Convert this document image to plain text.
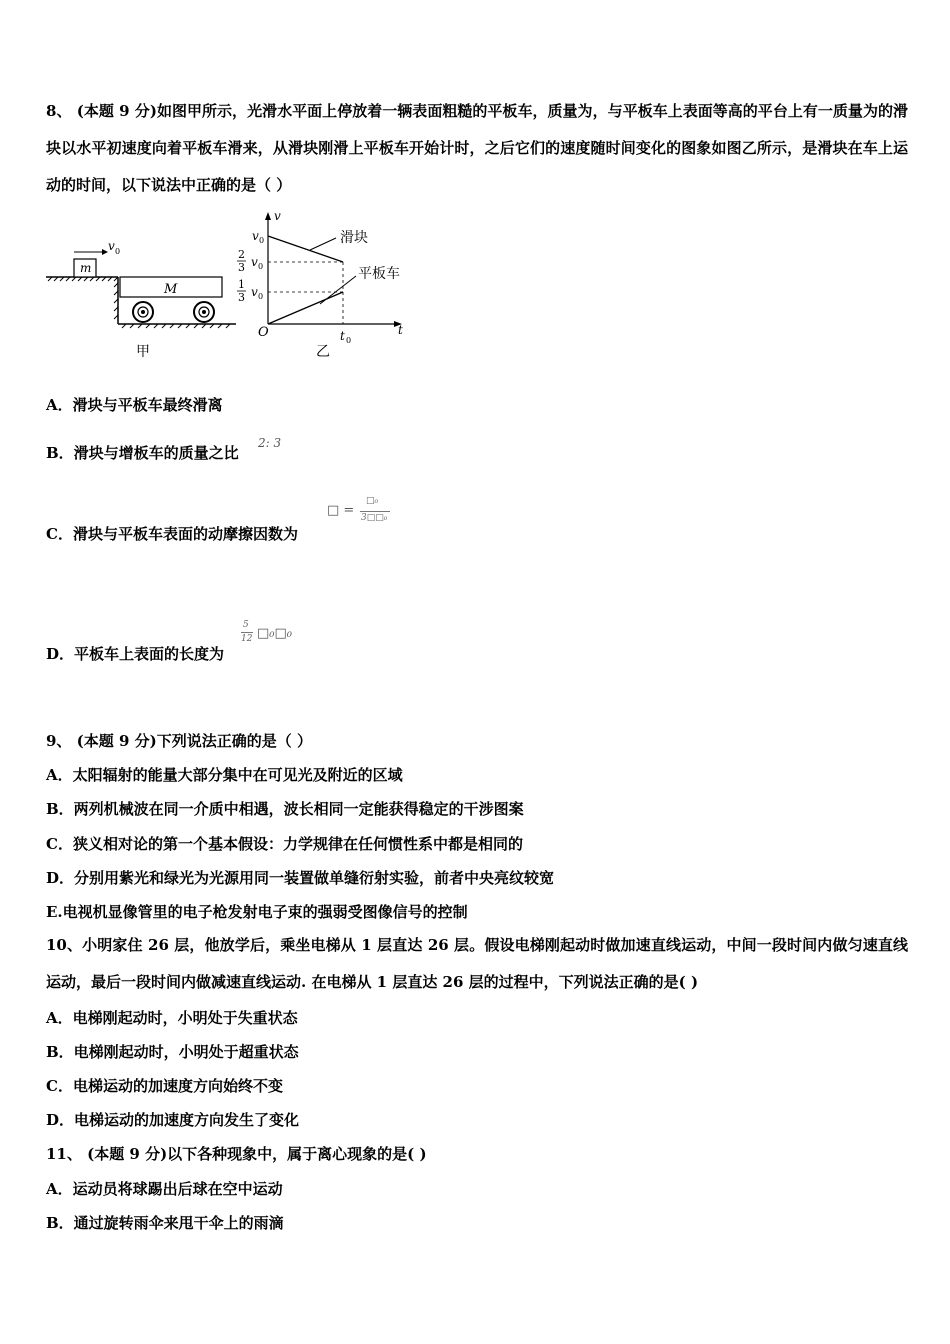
8、 (本题 9 分)如图甲所示，光滑水平面上停放着一辆表面粗糙的平板车，质量为，与平板车上表面等高的平台上有一质量为的滑块以水平初速度向着平板车滑来，从滑块刚滑上平板车开始计时，之后它们的速度随时间变化的图象如图乙所示，是滑块在车上运动的时间，以下说法中正确的是（ ）
m
v 0
M
甲
v
t
O
v 0
2
3 v 0
1
3 v 0
滑块
平板车
t 0
乙
A．滑块与平板车最终滑离
B．滑块与增板车的质量之比
2: 3
C．滑块与平板车表面的动摩擦因数为
□ =
□₀
3□□₀
D．平板车上表面的长度为
5
12 □₀□₀
9、 (本题 9 分)下列说法正确的是（ ）
A．太阳辐射的能量大部分集中在可见光及附近的区域
B．两列机械波在同一介质中相遇，波长相同一定能获得稳定的干涉图案
C．狭义相对论的第一个基本假设：力学规律在任何惯性系中都是相同的
D．分别用紫光和绿光为光源用同一装置做单缝衍射实验，前者中央亮纹较宽
E.电视机显像管里的电子枪发射电子束的强弱受图像信号的控制
10、小明家住 26 层，他放学后，乘坐电梯从 1 层直达 26 层。假设电梯刚起动时做加速直线运动，中间一段时间内做匀速直线运动，最后一段时间内做减速直线运动. 在电梯从 1 层直达 26 层的过程中，下列说法正确的是( )
A．电梯刚起动时，小明处于失重状态
B．电梯刚起动时，小明处于超重状态
C．电梯运动的加速度方向始终不变
D．电梯运动的加速度方向发生了变化
11、 (本题 9 分)以下各种现象中，属于离心现象的是( )
A．运动员将球踢出后球在空中运动
B．通过旋转雨伞来甩干伞上的雨滴
